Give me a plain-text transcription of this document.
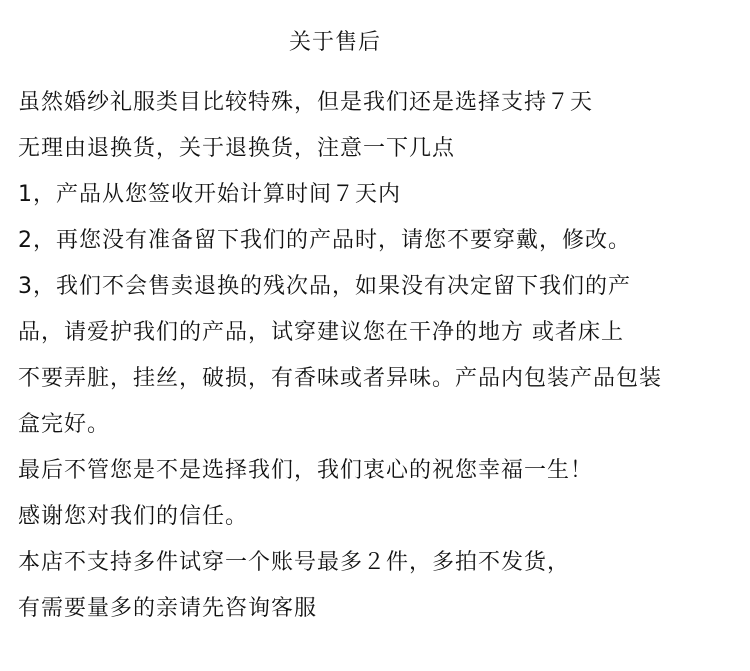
关于售后
虽然婚纱礼服类目比较特殊，但是我们还是选择支持７天
无理由退换货，关于退换货，注意一下几点
1，产品从您签收开始计算时间７天内
2，再您没有准备留下我们的产品时，请您不要穿戴，修改。
3，我们不会售卖退换的残次品，如果没有决定留下我们的产
品，请爱护我们的产品，试穿建议您在干净的地方 或者床上
不要弄脏，挂丝，破损，有香味或者异味。产品内包装产品包装
盒完好。
最后不管您是不是选择我们，我们衷心的祝您幸福一生！
感谢您对我们的信任。
本店不支持多件试穿一个账号最多２件，多拍不发货，
有需要量多的亲请先咨询客服
